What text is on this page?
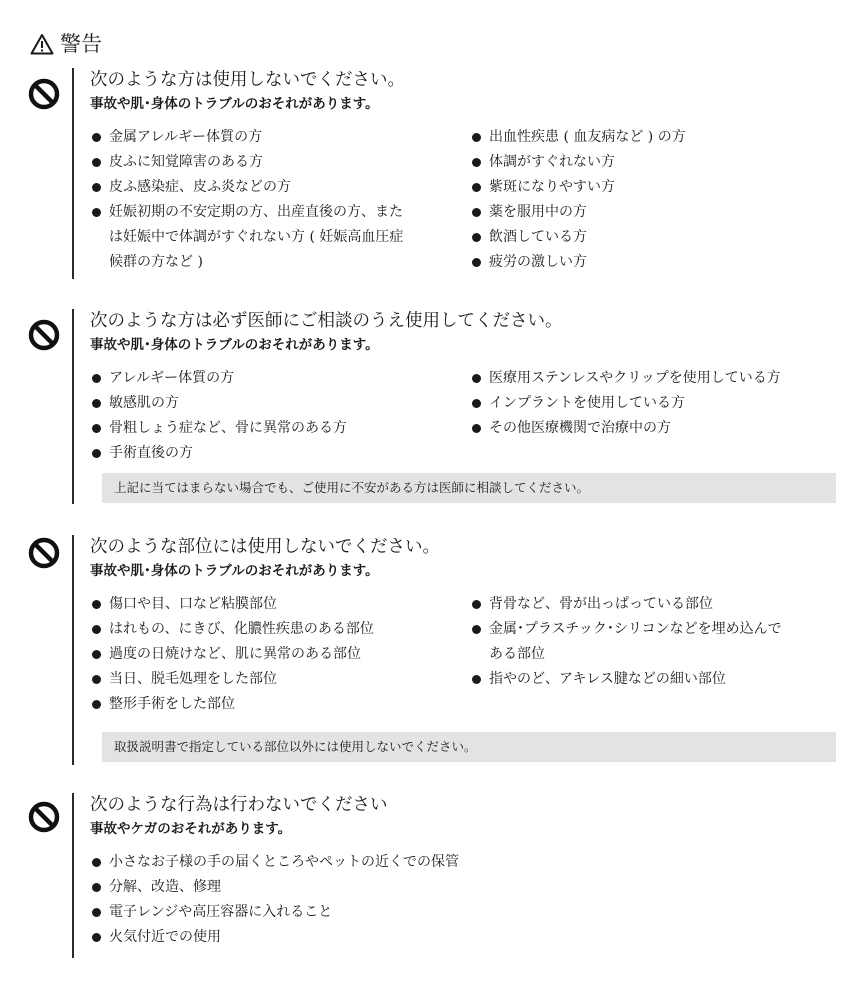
警告
次のような方は使用しないでください。
事故や肌･身体のトラブルのおそれがあります。
金属アレルギー体質の方
皮ふに知覚障害のある方
皮ふ感染症、皮ふ炎などの方
妊娠初期の不安定期の方、出産直後の方、また
は妊娠中で体調がすぐれない方 ( 妊娠高血圧症
候群の方など )
出血性疾患 ( 血友病など ) の方
体調がすぐれない方
紫斑になりやすい方
薬を服用中の方
飲酒している方
疲労の激しい方
次のような方は必ず医師にご相談のうえ使用してください。
事故や肌･身体のトラブルのおそれがあります。
アレルギー体質の方
敏感肌の方
骨粗しょう症など、骨に異常のある方
手術直後の方
医療用ステンレスやクリップを使用している方
インプラントを使用している方
その他医療機関で治療中の方
上記に当てはまらない場合でも、ご使用に不安がある方は医師に相談してください。
次のような部位には使用しないでください。
事故や肌･身体のトラブルのおそれがあります。
傷口や目、口など粘膜部位
はれもの、にきび、化膿性疾患のある部位
過度の日焼けなど、肌に異常のある部位
当日、脱毛処理をした部位
整形手術をした部位
背骨など、骨が出っぱっている部位
金属･プラスチック･シリコンなどを埋め込んで
ある部位
指やのど、アキレス腱などの細い部位
取扱説明書で指定している部位以外には使用しないでください。
次のような行為は行わないでください
事故やケガのおそれがあります。
小さなお子様の手の届くところやペットの近くでの保管
分解、改造、修理
電子レンジや高圧容器に入れること
火気付近での使用
